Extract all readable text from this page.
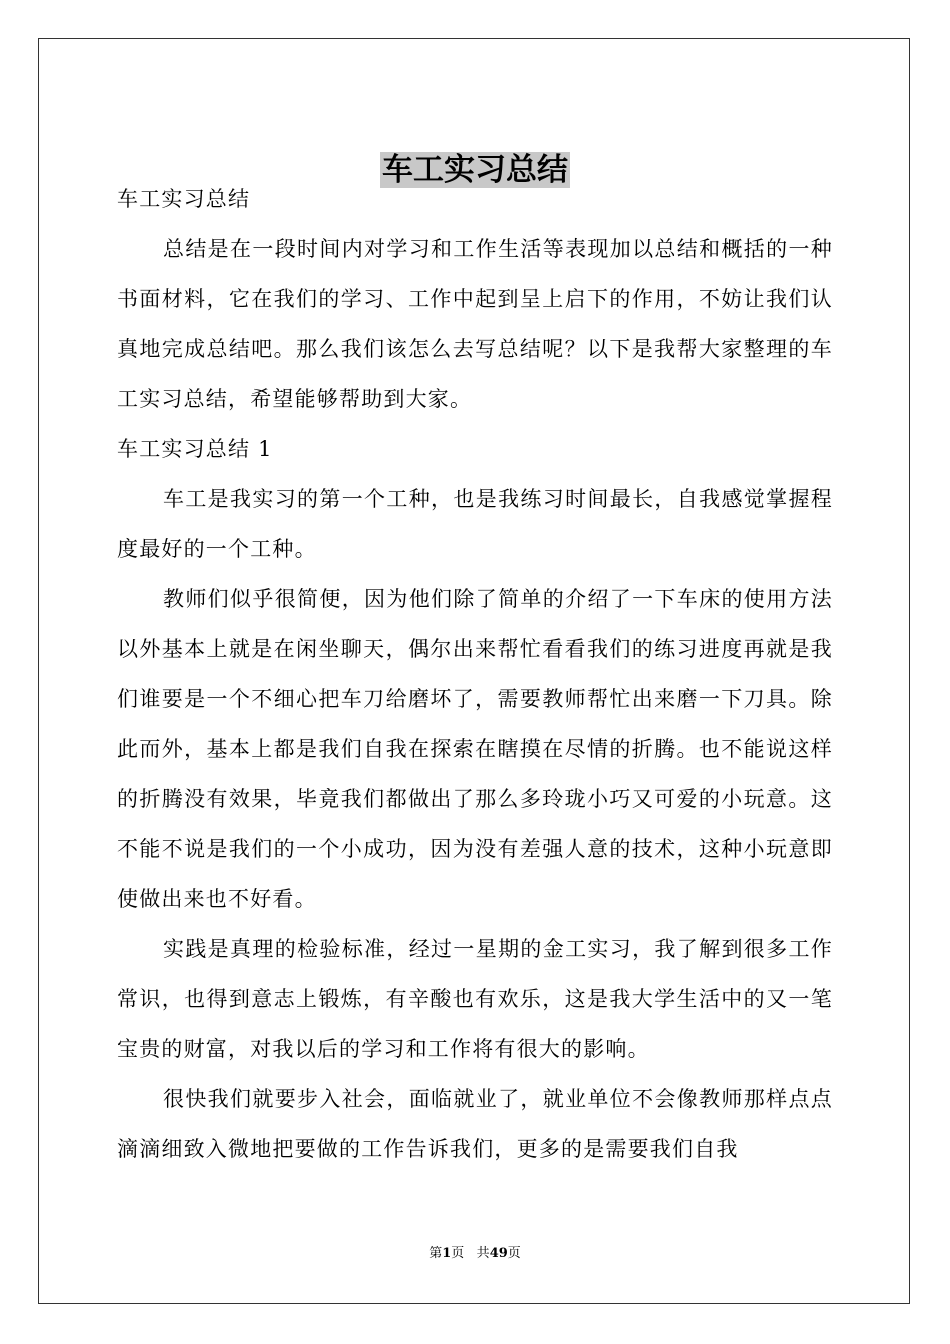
车工实习总结

车工实习总结

总结是在一段时间内对学习和工作生活等表现加以总结和概括的一种书面材料，它在我们的学习、工作中起到呈上启下的作用，不妨让我们认真地完成总结吧。那么我们该怎么去写总结呢？以下是我帮大家整理的车工实习总结，希望能够帮助到大家。

车工实习总结 1

车工是我实习的第一个工种，也是我练习时间最长，自我感觉掌握程度最好的一个工种。

教师们似乎很简便，因为他们除了简单的介绍了一下车床的使用方法以外基本上就是在闲坐聊天，偶尔出来帮忙看看我们的练习进度再就是我们谁要是一个不细心把车刀给磨坏了，需要教师帮忙出来磨一下刀具。除此而外，基本上都是我们自我在探索在瞎摸在尽情的折腾。也不能说这样的折腾没有效果，毕竟我们都做出了那么多玲珑小巧又可爱的小玩意。这不能不说是我们的一个小成功，因为没有差强人意的技术，这种小玩意即使做出来也不好看。

实践是真理的检验标准，经过一星期的金工实习，我了解到很多工作常识，也得到意志上锻炼，有辛酸也有欢乐，这是我大学生活中的又一笔宝贵的财富，对我以后的学习和工作将有很大的影响。

很快我们就要步入社会，面临就业了，就业单位不会像教师那样点点滴滴细致入微地把要做的工作告诉我们，更多的是需要我们自我

第1页 共49页
